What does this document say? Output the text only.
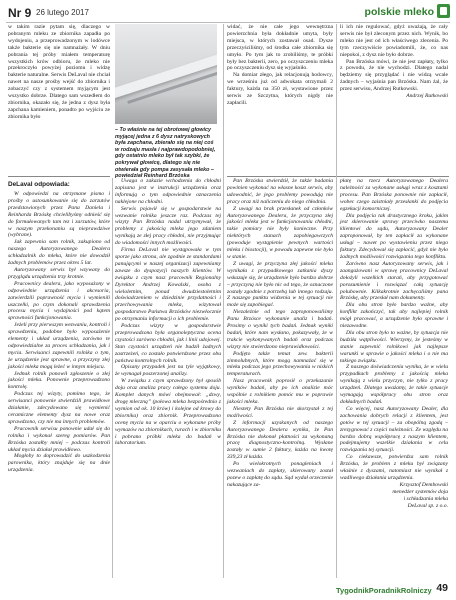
Nr 9 26 lutego 2017	polskie mleko
– To właśnie na tej obrotowej głowicy myjącej jedna z 6 dysz natryskowych była zapchana, zbierało się na niej coś w rodzaju masła i najprawdopodobniej, gdy ostatnio mleko był tak szybki, że pokrywał głowicę, dlatego się nie otwierała gdy pompa zasysała mleko – powiedział Reinhard Brzóska

w takim razie pytam się, dlaczego w pobranym mleku ze zbiornika zapadła po wydojeniu, a przeprowadzonym w lodówce także bakterie się nie namnażały. W dniu pobrania tej próby miałem temperaturę wszystkich krów odbioru, że mleko nie przekroczyło powyżej poziomu i widzę bakterie naturalne. Serwis DeLaval nie chciał nawet na nasze prośby wejść do zbiornika i zobaczyć czy z systemem myjącym jest wszystko dobrze. Dlatego sam wszedłem do zbiornika, okazało się, że jedna z dysz była zapchana kamieniem, ponadto po wyjściu ze zbiornika było

DeLaval odpowiada:

W odpowiedzi na otrzymane pismo i prośby o ustosunkowanie się do zarzutów przedstawionych przez Pana Daniela i Reinharda Brzóskę chcielibyśmy odnieść się do formułowanych tam tez i zarzutów, które w naszym przekonaniu są nieprawdziwe (wybrane).

Jak zapewnia sam rolnik, zakupiono od naszego Autoryzowanego Dealera schładzalnik do mleka, które nie dowodził żadnych problemów przez okres 5 lat.

Autoryzowany serwis był wzywany do przyglądu urządzenia trzy krotnie.

Pracownicy dealera, jako wyposażony w odpowiednie urządzenia i akcesoria, zatwierdzili poprawność mycia i wymienili uszczelki, po czym dokonali sprawdzenia procesu mycia i wydajności pod kątem sprawności funkcjonowania.

Jeżeli przy pierwszym wezwaniu, kontroli i sprawdzeniu, podobne było wyposażenie elementy i układ urządzenia, zarówno te odpowiedzialne za proces schładzania, jak i mycia. Serwisanci zapewnili rolnika o tym, że urządzenie jest sprawne, a przyczyny złej jakości mleka mogą leżeć w innym miejscu.

Jednak rolnik ponowił zgłoszenie o złej jakości mleka. Ponownie przeprowadzono kontrolę.

Podczas tej wizyty, pomimo tego, że serwisanci ponownie stwierdzili prawidłowe działanie, zdecydowano się wymienić ceramiczne elementy dysz na nowe oraz sprawdzono, czy nie ma innych problemów.

Pracownik serwisu ponownie udał się do rolnika i wykonał szereg pomiarów. Pan Brzóska zostałby mniej – podczas kontroli układ mycia działał prawidłowo.

Mogłoby to doprowadzić do uszkodzenia parownika, który znajduje się na dnie urządzenia.

Uwaga o zakazie wchodzenia do chłodni zapisana jest w instrukcji urządzenia oraz informują o tym odpowiednie oznaczenia naklejone na chłodni.

Serwis pojawił się w gospodarstwie na wezwanie rolnika jeszcze raz. Podczas tej wizyty Pan Brzóska nadal utrzymywał, że problemy z jakością mleka jego zdaniem wynikają ze złej pracy chłodni, nie przyjmując do wiadomości innych możliwości.

Firma DeLaval nie wystąpowała w tym sporze jako strona, ale zgodnie ze standardami panującymi w naszej organizacji zapewniamy zawsze do dyspozycji naszych klientów. W związku z czym nasz pracownik Regionalny Dyrektor Andrzej Kowalski, osoba z wieloletnim, ponad dwudziestoletnim doświadczeniem w dziedzinie przydatności i przechowywania mleka, wizytował gospodarstwo Państwa Brzósków niezwłocznie po otrzymaniu informacji o ich problemie.

Podczas wizyty w gospodarstwie przeprowadzona była organoleptyczna ocena czystości zarówno chłodni, jak i linii udojowej. Stan czystości urządzeń nie budził żadnych zastrzeżeń, co zostało potwierdzone przez obu państwa kontrolnych rolnik.

Opisany przypadek jest na tyle wyjątkowy, że wymagał poszerzonej analizy.

W związku z czym sprawdzony był sposób doju oraz analiza pracy całego systemu doju. Komplet danych mówi obejmował: „dzwy, drogę mleczną” (połowa mleka bezpośrednio z wymion od ok. 10 krów) i kolejne od krowy do zbiornika) oraz zbiornik. Przeprowadzono ocenę mycia na w oparciu o wykonane próby wymazów na zbiornikach, rurach i w zbiorniku i pobrano próbki mleka do badań w laboratorium.

widać, że nie całe jego wewnętrzna powierzchnia była dokładnie umyta, były miejsca, w których zostawał osad. Dysze przeczyściliśmy, od środka całe zbiornika się umyło. Po tym jak to zrobiliśmy, te próbki były bez bakterii, zero, po oczyszczeniu mleka po oczyszczeniu dysz się wyjaśniło.

Na domiar złego, jak relacjonują hodowcy, we wrześniu już od adwokata otrzymali 2 faktury, każda na 350 zł, wystawione przez serwis ze Szczytna, których nigdy nie zapłacili.

li ich nie regulować, gdyż uważają, że cały serwis nie był zleconym przez nich. Wynik, bo mleko nie jest od ich właściwego zlecenia. Po tym rzeczywiście powiadomili, że, co nas niepokoi, z dysz nie było dobrze.

Pan Brzóska mówi, że nie jest zapłaty, tylko z powodu, że nie wychodzi. Dlatego nadal będziemy się przyglądać i nie widzą wcale żadnych – wyjaśnia pan Brzóska. Nam żal, że przez serwisu, Andrzej Rutkowski.

Andrzej Rutkowski

Pan Brzóska stwierdził, że także badania powinien wykonać na własne koszt serwis, aby udowodnić, że jego problemy powodują nie pracy oraz niż naliczeniu do niego chłodnia.

Z uwagi na brak przesłanek od członków Autoryzowanego Dealera, że przyczyna złej jakości mleka jest w funkcjonowaniu chłodni, takie pomiary nie były konieczne. Przy niektórych stanach zapobiegawczych (powoduje wystąpienie pewnych wartości mleka i biostocji), w powodu zapewne nie było w stanie.

Z uwagi, że przyczyna złej jakości mleka wynikała z przypadkowego zatkania dyszy wskazuje się, że urządzenie było bardzo dobrze – przyczyną nie było nic od tego, że oznaczone zostały zgodnie z potrzebą lub innego rodzaju. Z naszego punktu widzenia w tej sytuacji nie może się zapobiegać.

Niezależnie od tego zaproponowaliśmy Panu Brzósce wykonanie analiz i badań. Prosimy o wyniki tych badań. Jednak wyniki badań, które nam wysłano, pokazywały, że w trakcie wykonywanych badań oraz podczas wizyty nie stwierdzono nieprawidłowości.

Podjęto także temat zew. bakterii zimnolubnych, które mogą namnażać się w mleku podczas jego przechowywania w niskich temperaturach.

Nasz pracownik poprosił o przekazanie wyników badań, aby po ich analizie móc wspólnie z rolnikiem pomóc mu w poprawie jakości mleka.

Niestety Pan Brzóska nie skorzystał z tej możliwości.

Z informacji uzyskanych od naszego Autoryzowanego Dealera wynika, że Pan Brzóska nie dokonał płatności za wykonaną pracę diagnostyczno-kontrolną. Wysłane zostały w sumie 2 faktury, każda na kwotę 339,23 zł każda.

Po wielokrotnych ponagleniach i wezwaniach do zapłaty, skierowany został pozew o zapłatę do sądu. Sąd wydał orzeczenie nakazujące za-

płatę na rzecz Autoryzowanego Dealera należności za wykonane usługi wraz z kosztami procesu. Pan Brzóska ponownie nie zapłacił, wobec czego zaistniały przesłanki do podjęcia egzekucji komorniczej.

Dla podjęcia tak drastycznego kroku, jakim jest skierowanie sprawy przeciwko naszemu klientowi do sądu, Autoryzowany Dealer zaproponował, by ten zapłacił za wykonane usługi – nawet po wystawieniu przez niego faktury. Zdecydował się zapłacić, gdyż nie było żadnych możliwości rozwiązania tego konfliktu.

Zarówno nasz Autoryzowany serwis, jak i zaangażowani w sprawę pracownicy DeLaval dołożyli wszelkich starań, aby przygotować porozumienie i rozwiązać całą sytuację polubownie. Kilkakrotnie zachęcaliśmy pana Brzóskę, aby przesłał nam dokumenty.

Dla obu stron było bardzo ważne, aby konflikt zakończyć, tak aby najlepiej rolnik mógł pracować, a urządzenie było sprawne i niezawodne.

Dla obu stron było to ważne, by sytuacja nie budziła wątpliwości. Wierzymy, że jesteśmy w stanie zapewnić rolnikowi jak najlepsze warunki w sprawie o jakości mleka i o nie ma takiego związku.

Z naszego doświadczenia wynika, że w wielu przypadkach problemy z jakością mleka wynikają z wielu przyczyn, nie tylko z pracy urządzeń. Dlatego uważamy, że takie sytuacje wymagają współpracy obu stron oraz dokładnych badań.

Co więcej, nasz Autoryzowany Dealer, dla zachowania dobrych relacji z klientem, jest gotów w tej sytuacji – za obopólną zgodą – zrezygnować z części należności. Ze względu na bardzo dobrą współpracę z naszym klientem, podejmujemy wszelkie działania w celu rozwiązania tej sytuacji.

Co ciekawsze, potwierdza sam rolnik Brzóska, że problem z mleku był związany właśnie z dyszami, natomiast nie wynikał z wadliwego działania urządzenia.

Krzysztof Dembowski

menedżer systemów doju

i schładzania mleka

DeLaval sp. z o.o.

TygodnikPoradnikRolniczy 49
